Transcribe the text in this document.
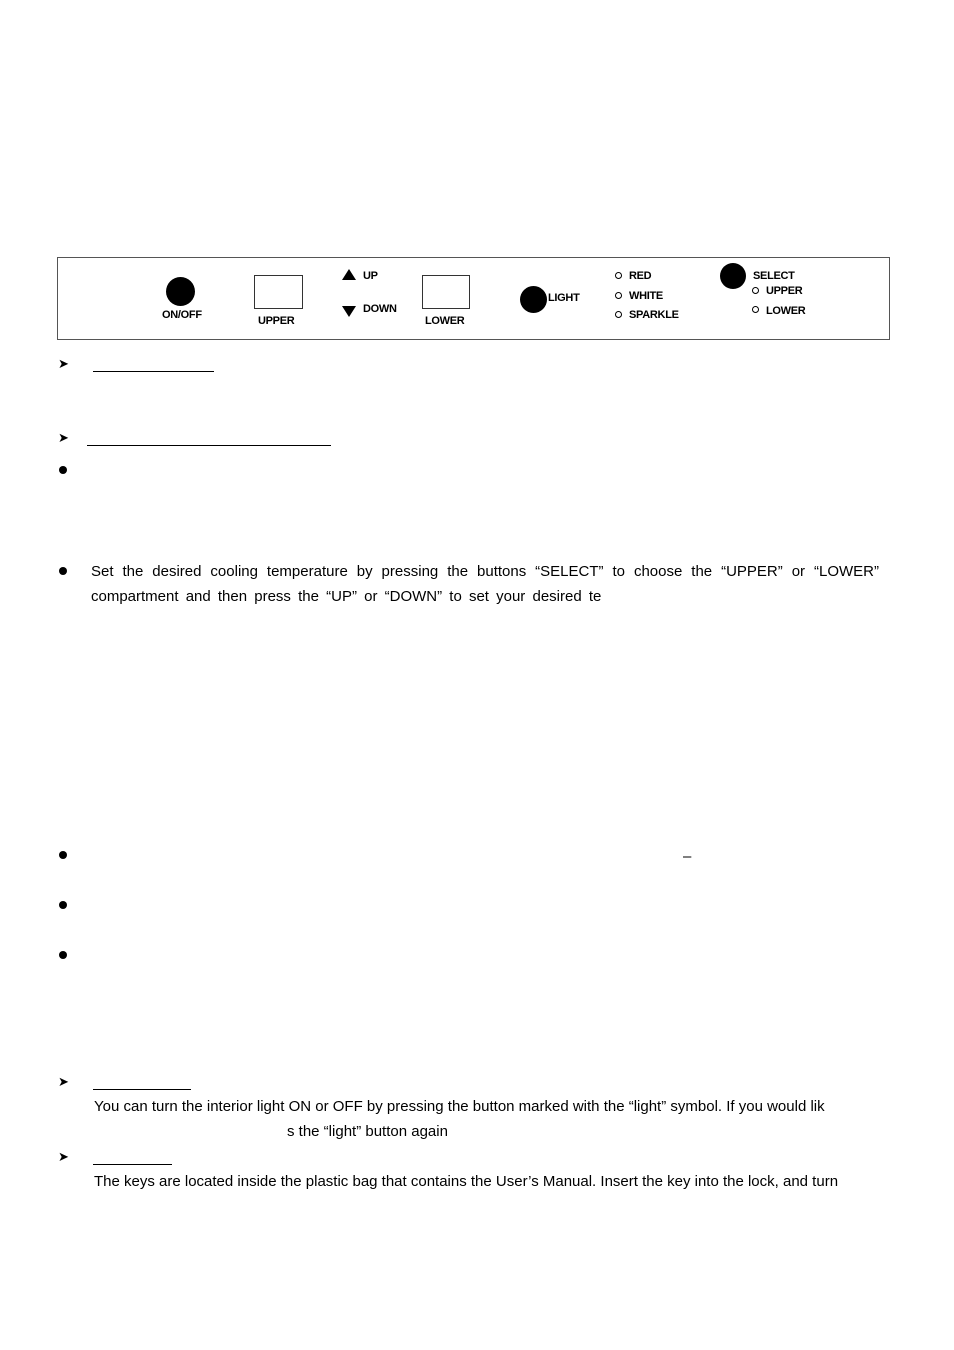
ON/OFF	UPPER
UP
DOWN
LOWER
LIGHT
RED
WHITE
SPARKLE
SELECT
UPPER
LOWER
➤
➤
Set the desired cooling temperature by pressing the buttons “SELECT” to choose the “UPPER” or “LOWER”
compartment and then press the “UP” or “DOWN” to set your desired te
–
➤
You can turn the interior light ON or OFF by pressing the button marked with the “light” symbol. If you would lik
s the “light” button again
➤
The keys are located inside the plastic bag that contains the User’s Manual. Insert the key into the lock, and turn
